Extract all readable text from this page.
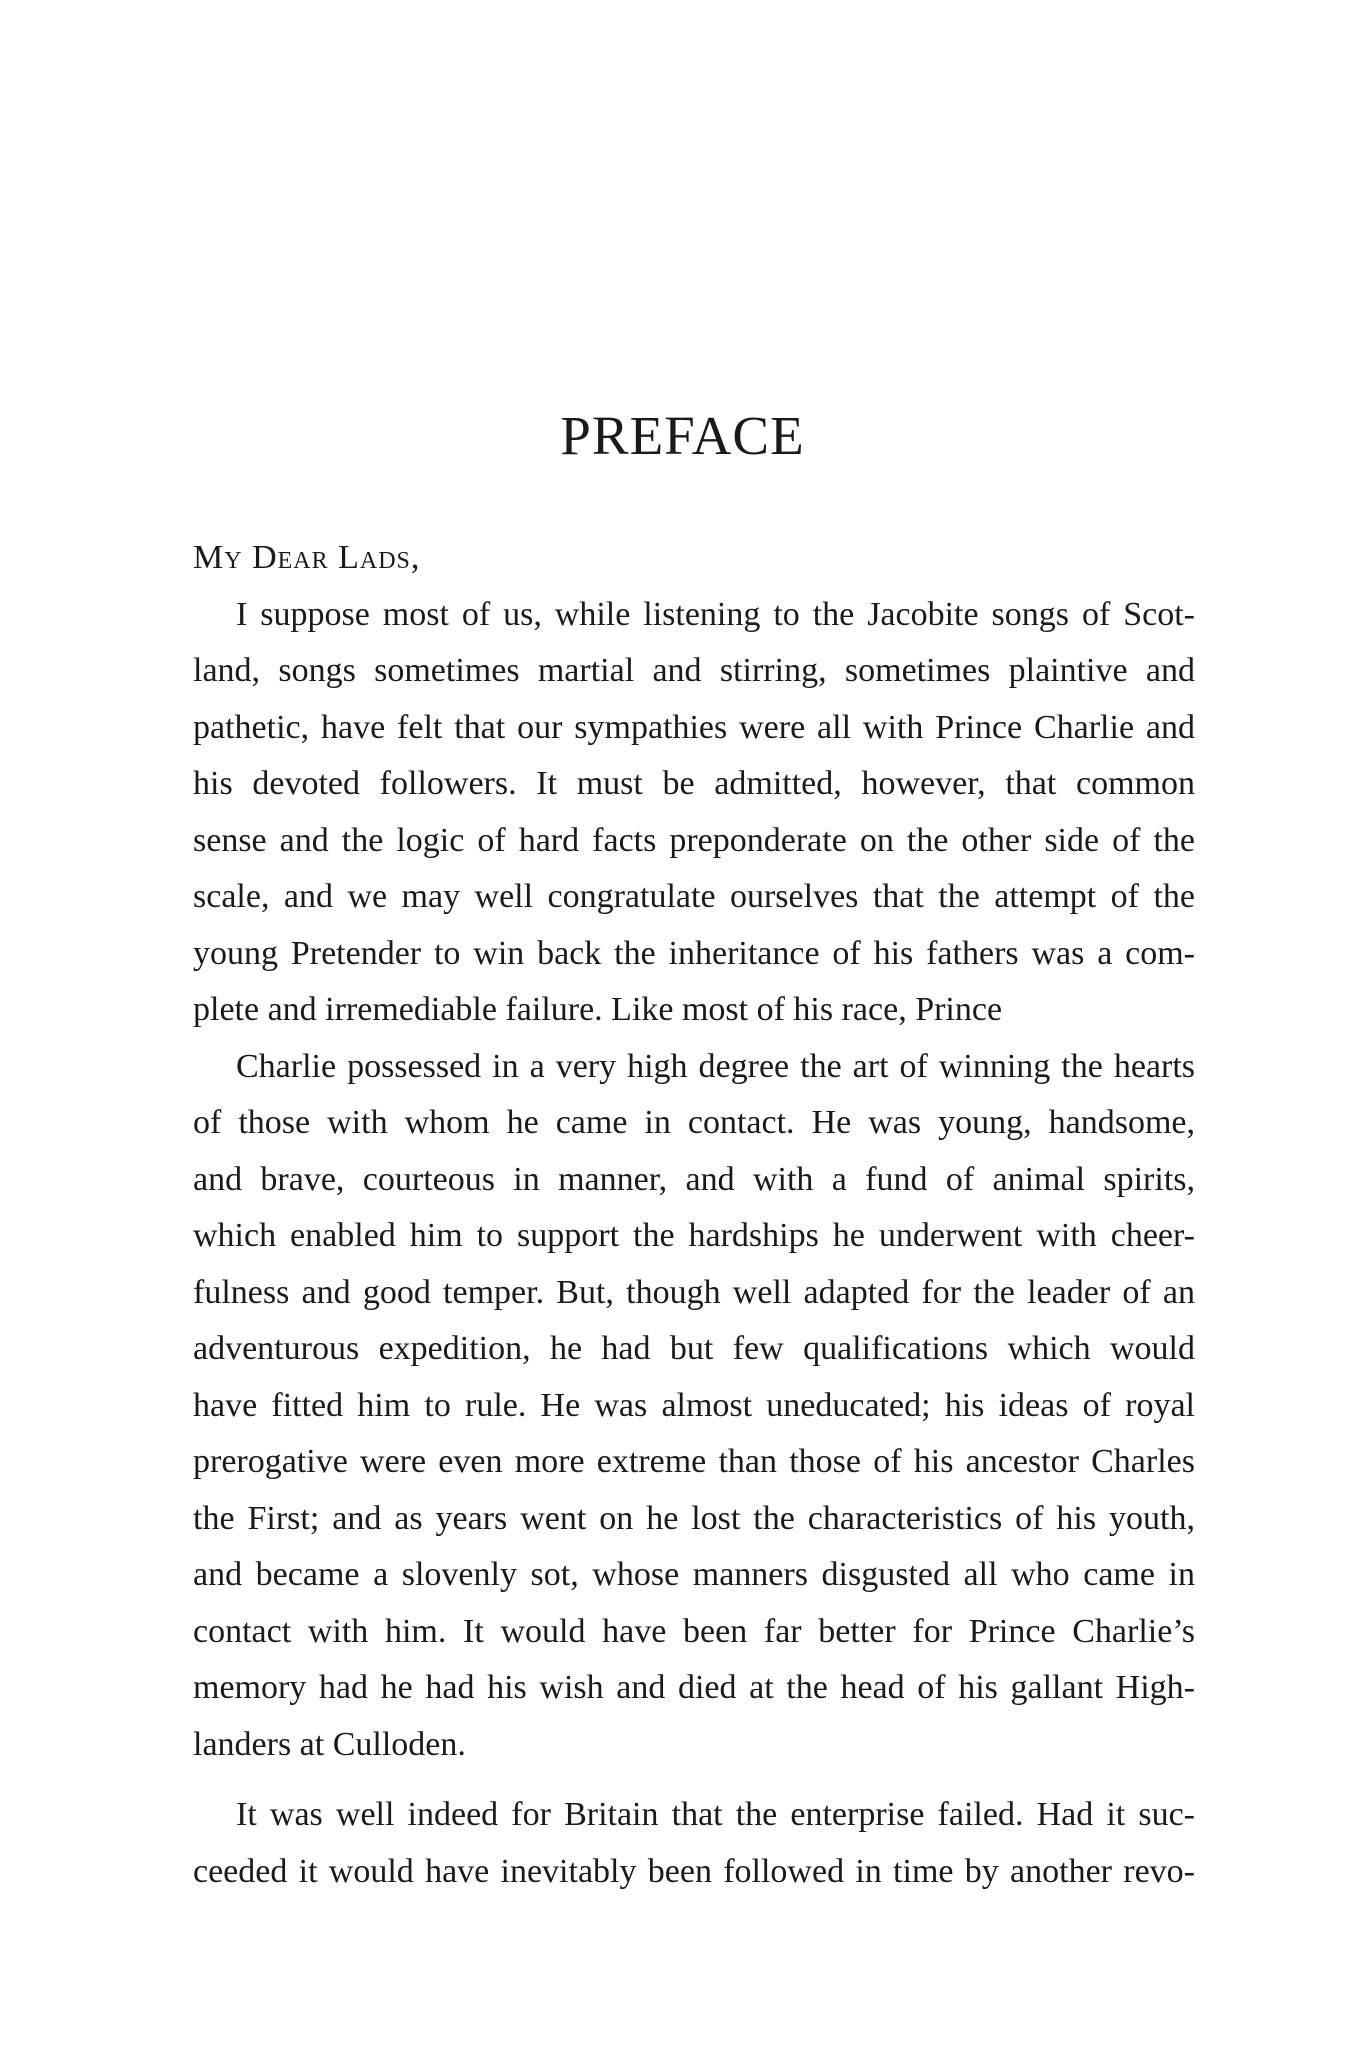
PREFACE
My Dear Lads,
I suppose most of us, while listening to the Jacobite songs of Scot-
land, songs sometimes martial and stirring, sometimes plaintive and
pathetic, have felt that our sympathies were all with Prince Charlie and
his devoted followers. It must be admitted, however, that common
sense and the logic of hard facts preponderate on the other side of the
scale, and we may well congratulate ourselves that the attempt of the
young Pretender to win back the inheritance of his fathers was a com-
plete and irremediable failure. Like most of his race, Prince
Charlie possessed in a very high degree the art of winning the hearts
of those with whom he came in contact. He was young, handsome,
and brave, courteous in manner, and with a fund of animal spirits,
which enabled him to support the hardships he underwent with cheer-
fulness and good temper. But, though well adapted for the leader of an
adventurous expedition, he had but few qualifications which would
have fitted him to rule. He was almost uneducated; his ideas of royal
prerogative were even more extreme than those of his ancestor Charles
the First; and as years went on he lost the characteristics of his youth,
and became a slovenly sot, whose manners disgusted all who came in
contact with him. It would have been far better for Prince Charlie’s
memory had he had his wish and died at the head of his gallant High-
landers at Culloden.
It was well indeed for Britain that the enterprise failed. Had it suc-
ceeded it would have inevitably been followed in time by another revo-
